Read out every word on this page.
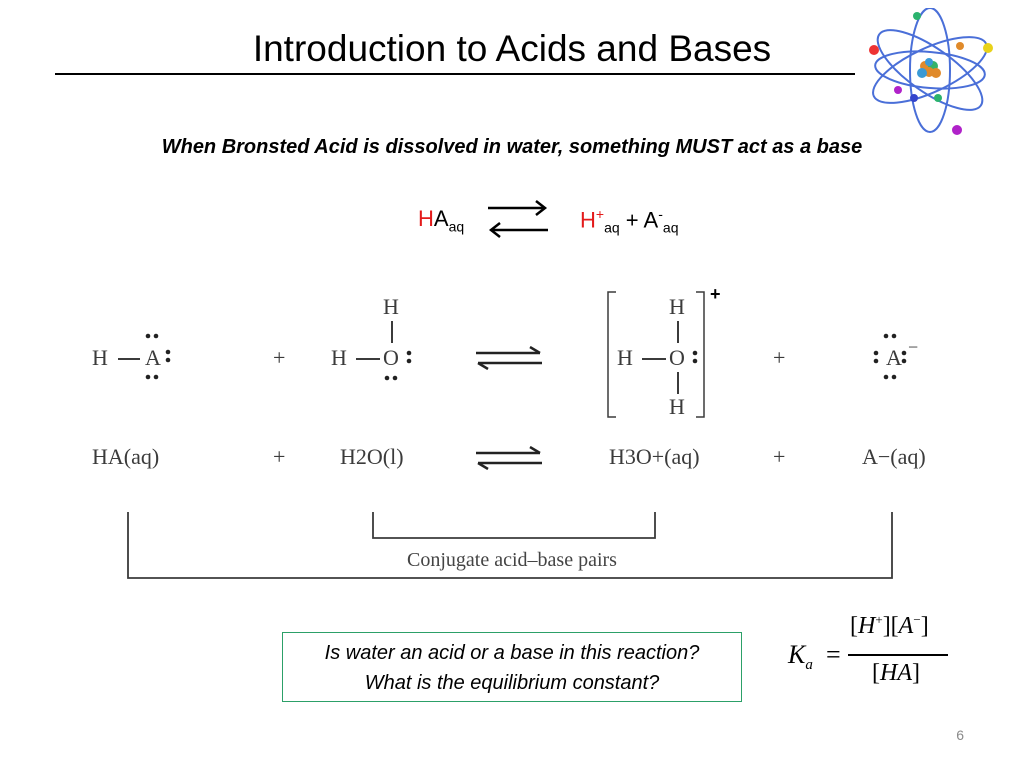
Introduction to Acids and Bases
When Bronsted Acid is dissolved in water, something MUST act as a base
$HA_{aq}$ ⇌ $H^+_{aq} + A^-_{aq}$
H A	+
H
H O
+
H
H O
H
+	A −
HA(aq)	+ H2O(l)	H3O+(aq)	+	A−(aq)
Conjugate acid–base pairs
Is water an acid or a base in this reaction?
What is the equilibrium constant?
$K_a$ =
[H+][A−]
[HA]
6
